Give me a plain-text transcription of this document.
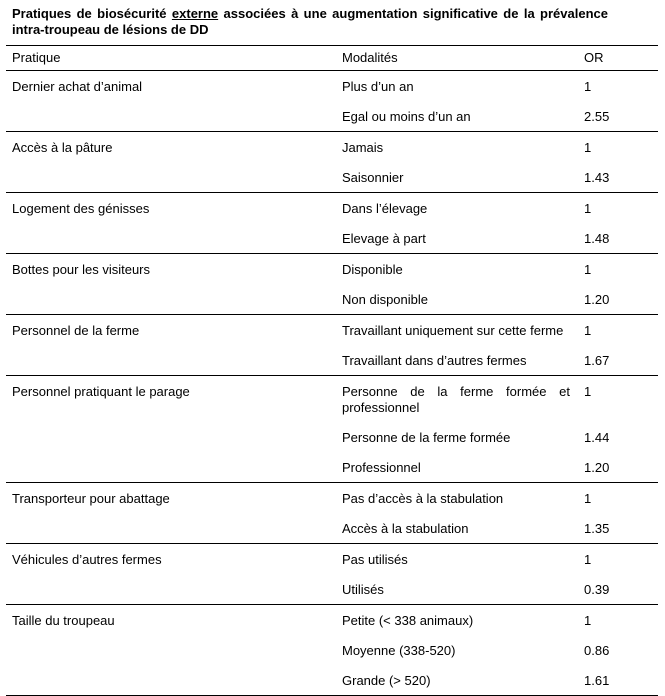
Pratiques de biosécurité externe associées à une augmentation significative de la prévalence intra-troupeau de lésions de DD
Pratique	Modalités	OR
Dernier achat d’animal	Plus d’un an	1
	Egal ou moins d’un an	2.55
Accès à la pâture	Jamais	1
	Saisonnier	1.43
Logement des génisses	Dans l’élevage	1
	Elevage à part	1.48
Bottes pour les visiteurs	Disponible	1
	Non disponible	1.20
Personnel de la ferme	Travaillant uniquement sur cette ferme	1
	Travaillant dans d’autres fermes	1.67
Personnel pratiquant le parage	Personne de la ferme formée et professionnel	1
	Personne de la ferme formée	1.44
	Professionnel	1.20
Transporteur pour abattage	Pas d’accès à la stabulation	1
	Accès à la stabulation	1.35
Véhicules d’autres fermes	Pas utilisés	1
	Utilisés	0.39
Taille du troupeau	Petite (< 338 animaux)	1
	Moyenne (338-520)	0.86
	Grande (> 520)	1.61
